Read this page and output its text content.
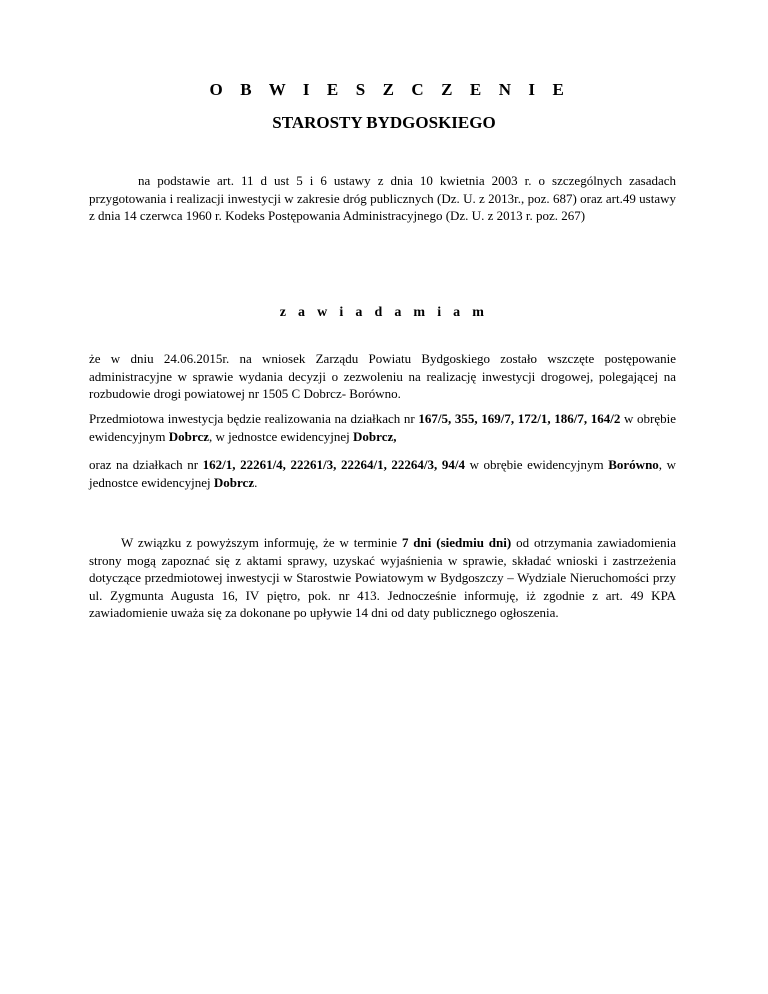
O B W I E S Z C Z E N I E
STAROSTY BYDGOSKIEGO

na podstawie art. 11 d ust 5 i 6 ustawy z dnia 10 kwietnia 2003 r. o szczególnych zasadach przygotowania i realizacji inwestycji w zakresie dróg publicznych (Dz. U. z 2013r., poz. 687) oraz art.49 ustawy z dnia 14 czerwca 1960 r. Kodeks Postępowania Administracyjnego (Dz. U. z 2013 r. poz. 267)

z a w i a d a m i a m

że w dniu 24.06.2015r. na wniosek Zarządu Powiatu Bydgoskiego zostało wszczęte postępowanie administracyjne w sprawie wydania decyzji o zezwoleniu na realizację inwestycji drogowej, polegającej na rozbudowie drogi powiatowej nr 1505 C Dobrcz- Borówno.

Przedmiotowa inwestycja będzie realizowania na działkach nr 167/5, 355, 169/7, 172/1, 186/7, 164/2 w obrębie ewidencyjnym Dobrcz, w jednostce ewidencyjnej Dobrcz,

oraz na działkach nr 162/1, 22261/4, 22261/3, 22264/1, 22264/3, 94/4 w obrębie ewidencyjnym Borówno, w jednostce ewidencyjnej Dobrcz.

W związku z powyższym informuję, że w terminie 7 dni (siedmiu dni) od otrzymania zawiadomienia strony mogą zapoznać się z aktami sprawy, uzyskać wyjaśnienia w sprawie, składać wnioski i zastrzeżenia dotyczące przedmiotowej inwestycji w Starostwie Powiatowym w Bydgoszczy – Wydziale Nieruchomości przy ul. Zygmunta Augusta 16, IV piętro, pok. nr 413. Jednocześnie informuję, iż zgodnie z art. 49 KPA zawiadomienie uważa się za dokonane po upływie 14 dni od daty publicznego ogłoszenia.
